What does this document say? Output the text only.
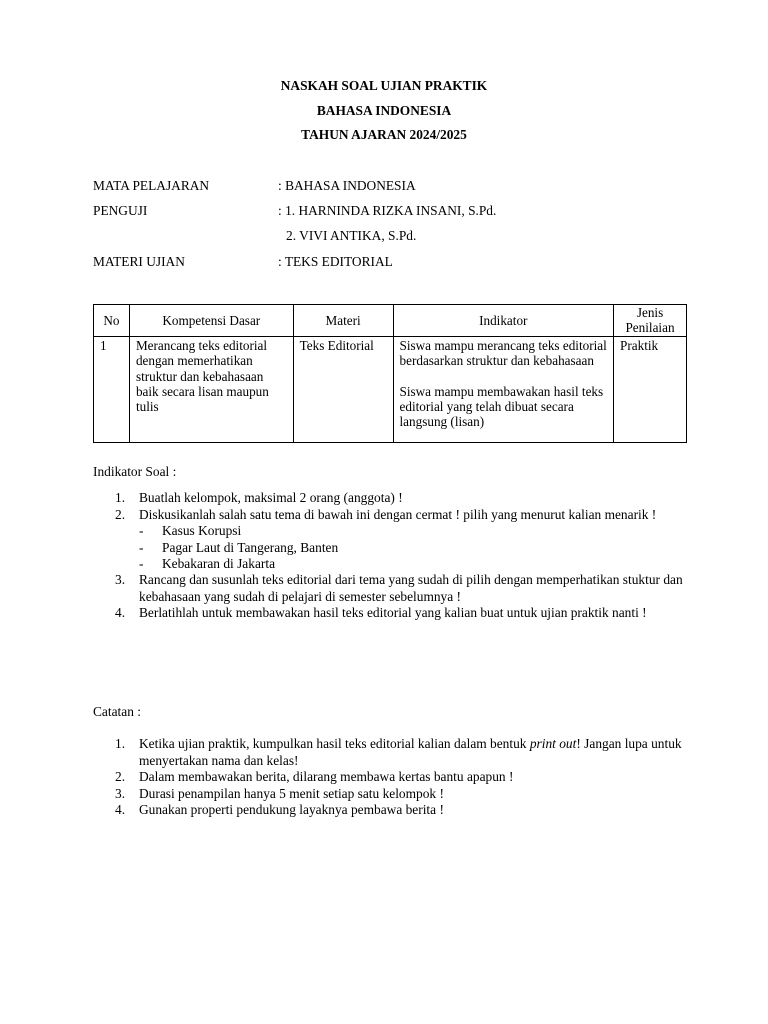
NASKAH SOAL UJIAN PRAKTIK
BAHASA INDONESIA
TAHUN AJARAN 2024/2025
MATA PELAJARAN	: BAHASA INDONESIA
PENGUJI	: 1. HARNINDA RIZKA INSANI, S.Pd.
2. VIVI ANTIKA, S.Pd.
MATERI UJIAN	: TEKS EDITORIAL
No	Kompetensi Dasar	Materi	Indikator	Jenis Penilaian
1	Merancang teks editorial dengan memerhatikan struktur dan kebahasaan baik secara lisan maupun tulis	Teks Editorial	Siswa mampu merancang teks editorial berdasarkan struktur dan kebahasaan
Siswa mampu membawakan hasil teks editorial yang telah dibuat secara langsung (lisan)	Praktik
Indikator Soal :
1. Buatlah kelompok, maksimal 2 orang (anggota) !
2. Diskusikanlah salah satu tema di bawah ini dengan cermat ! pilih yang menurut kalian menarik !
- Kasus Korupsi
- Pagar Laut di Tangerang, Banten
- Kebakaran di Jakarta
3. Rancang dan susunlah teks editorial dari tema yang sudah di pilih dengan memperhatikan stuktur dan kebahasaan yang sudah di pelajari di semester sebelumnya !
4. Berlatihlah untuk membawakan hasil teks editorial yang kalian buat untuk ujian praktik nanti !
Catatan :
1. Ketika ujian praktik, kumpulkan hasil teks editorial kalian dalam bentuk print out! Jangan lupa untuk menyertakan nama dan kelas!
2. Dalam membawakan berita, dilarang membawa kertas bantu apapun !
3. Durasi penampilan hanya 5 menit setiap satu kelompok !
4. Gunakan properti pendukung layaknya pembawa berita !
